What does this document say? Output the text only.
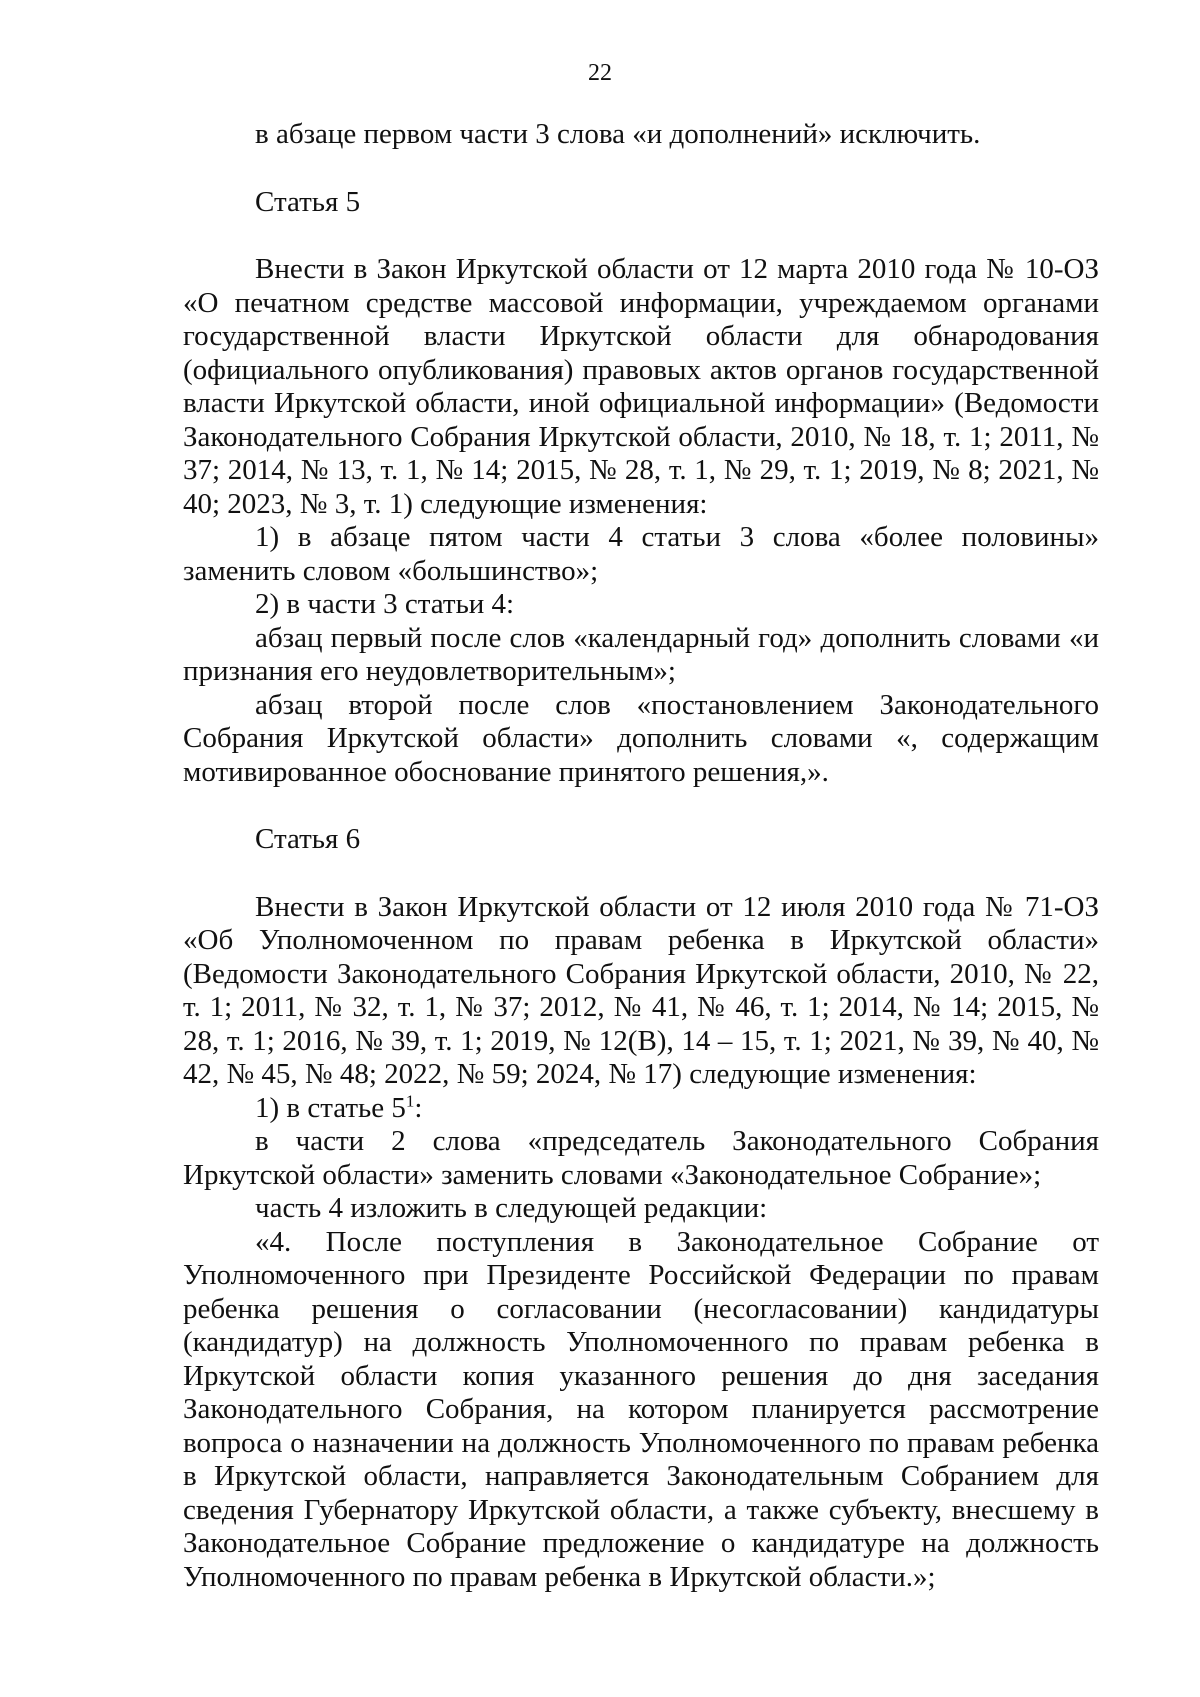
22

в абзаце первом части 3 слова «и дополнений» исключить.

Статья 5

Внести в Закон Иркутской области от 12 марта 2010 года № 10-ОЗ «О печатном средстве массовой информации, учреждаемом органами государственной власти Иркутской области для обнародования (официального опубликования) правовых актов органов государственной власти Иркутской области, иной официальной информации» (Ведомости Законодательного Собрания Иркутской области, 2010, № 18, т. 1; 2011, № 37; 2014, № 13, т. 1, № 14; 2015, № 28, т. 1, № 29, т. 1; 2019, № 8; 2021, № 40; 2023, № 3, т. 1) следующие изменения:

1) в абзаце пятом части 4 статьи 3 слова «более половины» заменить словом «большинство»;

2) в части 3 статьи 4:

абзац первый после слов «календарный год» дополнить словами «и признания его неудовлетворительным»;

абзац второй после слов «постановлением Законодательного Собрания Иркутской области» дополнить словами «, содержащим мотивированное обоснование принятого решения,».

Статья 6

Внести в Закон Иркутской области от 12 июля 2010 года № 71-ОЗ «Об Уполномоченном по правам ребенка в Иркутской области» (Ведомости Законодательного Собрания Иркутской области, 2010, № 22, т. 1; 2011, № 32, т. 1, № 37; 2012, № 41, № 46, т. 1; 2014, № 14; 2015, № 28, т. 1; 2016, № 39, т. 1; 2019, № 12(В), 14 – 15, т. 1; 2021, № 39, № 40, № 42, № 45, № 48; 2022, № 59; 2024, № 17) следующие изменения:

1) в статье $5^1$:

в части 2 слова «председатель Законодательного Собрания Иркутской области» заменить словами «Законодательное Собрание»;

часть 4 изложить в следующей редакции:

«4. После поступления в Законодательное Собрание от Уполномоченного при Президенте Российской Федерации по правам ребенка решения о согласовании (несогласовании) кандидатуры (кандидатур) на должность Уполномоченного по правам ребенка в Иркутской области копия указанного решения до дня заседания Законодательного Собрания, на котором планируется рассмотрение вопроса о назначении на должность Уполномоченного по правам ребенка в Иркутской области, направляется Законодательным Собранием для сведения Губернатору Иркутской области, а также субъекту, внесшему в Законодательное Собрание предложение о кандидатуре на должность Уполномоченного по правам ребенка в Иркутской области.»;
